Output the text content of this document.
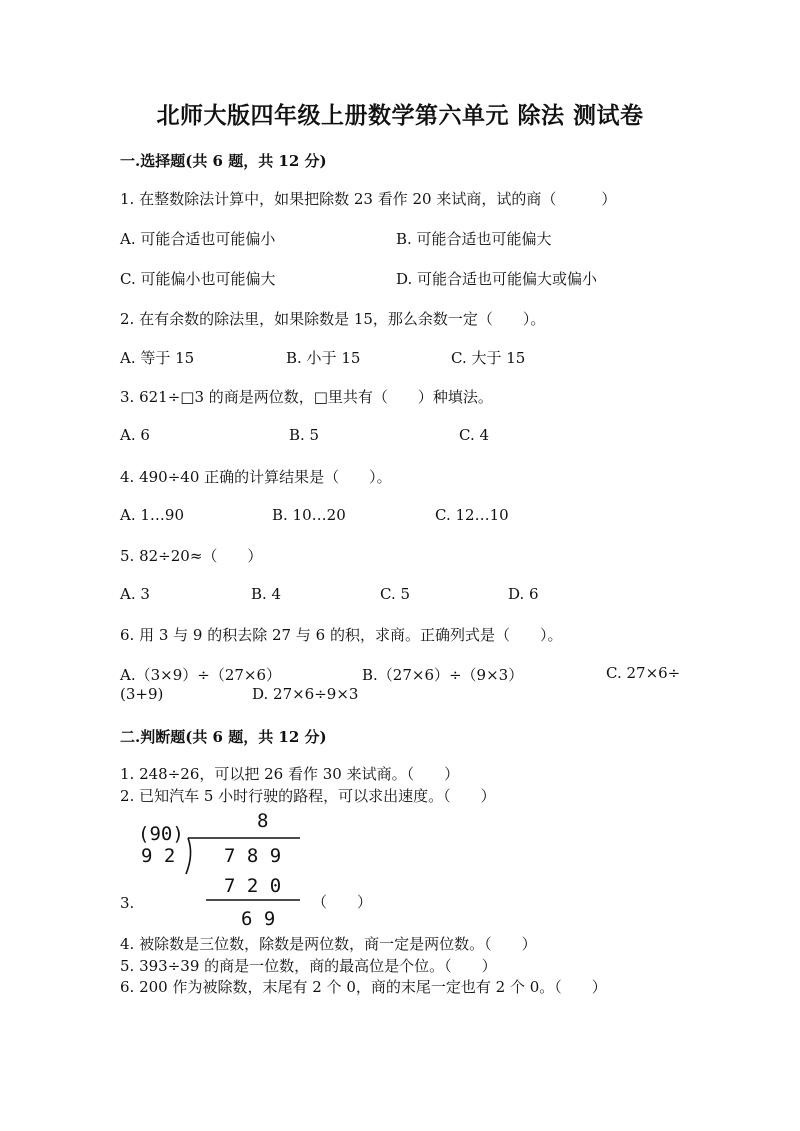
北师大版四年级上册数学第六单元 除法 测试卷
一.选择题(共 6 题，共 12 分)
1. 在整数除法计算中，如果把除数 23 看作 20 来试商，试的商（　　　）
A. 可能合适也可能偏小	B. 可能合适也可能偏大
C. 可能偏小也可能偏大	D. 可能合适也可能偏大或偏小
2. 在有余数的除法里，如果除数是 15，那么余数一定（　　）。
A. 等于 15	B. 小于 15	C. 大于 15
3. 621÷□3 的商是两位数，□里共有（　　）种填法。
A. 6	B. 5	C. 4
4. 490÷40 正确的计算结果是（　　）。
A. 1…90	B. 10…20	C. 12…10
5. 82÷20≈（　　）
A. 3	B. 4	C. 5	D. 6
6. 用 3 与 9 的积去除 27 与 6 的积，求商。正确列式是（　　）。
A.（3×9）÷（27×6）	B.（27×6）÷（9×3）	C. 27×6÷
(3+9)	D. 27×6÷9×3
二.判断题(共 6 题，共 12 分)
1. 248÷26，可以把 26 看作 30 来试商。（　　）
2. 已知汽车 5 小时行驶的路程，可以求出速度。（　　）
3.	（　　）
8
(90)
9 2	7 8 9
7 2 0
6 9
4. 被除数是三位数，除数是两位数，商一定是两位数。（　　）
5. 393÷39 的商是一位数，商的最高位是个位。（　　）
6. 200 作为被除数，末尾有 2 个 0，商的末尾一定也有 2 个 0。（　　）
